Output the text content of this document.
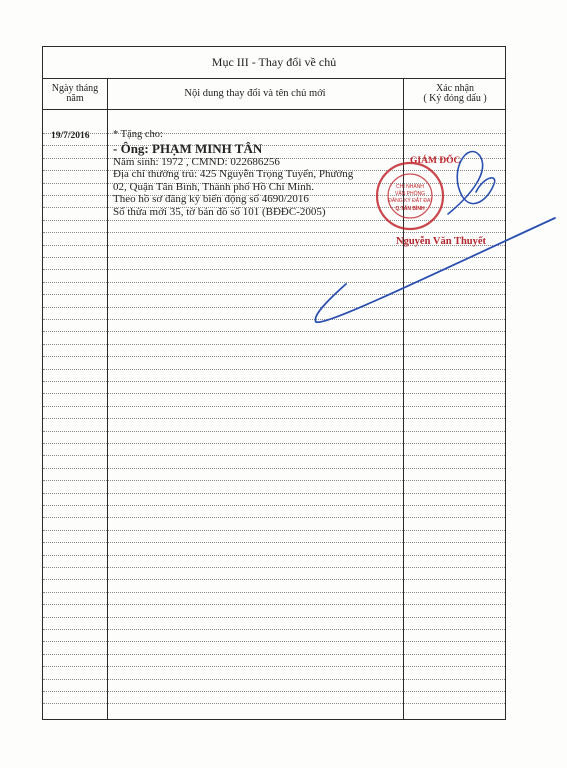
Mục III - Thay đổi về chủ
Ngày tháng
năm	Nội dung thay đổi và tên chủ mới	Xác nhận
( Ký đóng dấu )
19/7/2016 * Tặng cho:
- Ông: PHẠM MINH TÂN
Năm sinh: 1972 , CMND: 022686256
Địa chỉ thường trú: 425 Nguyễn Trọng Tuyển, Phường
02, Quận Tân Bình, Thành phố Hồ Chí Minh.
Theo hồ sơ đăng ký biến động số 4690/2016
Số thửa mới 35, tờ bản đồ số 101 (BĐĐC-2005)
GIÁM ĐỐC
CHI NHÁNH
VĂN PHÒNG
ĐĂNG KÝ ĐẤT ĐAI
Q.TÂN BÌNH
Nguyễn Văn Thuyết
